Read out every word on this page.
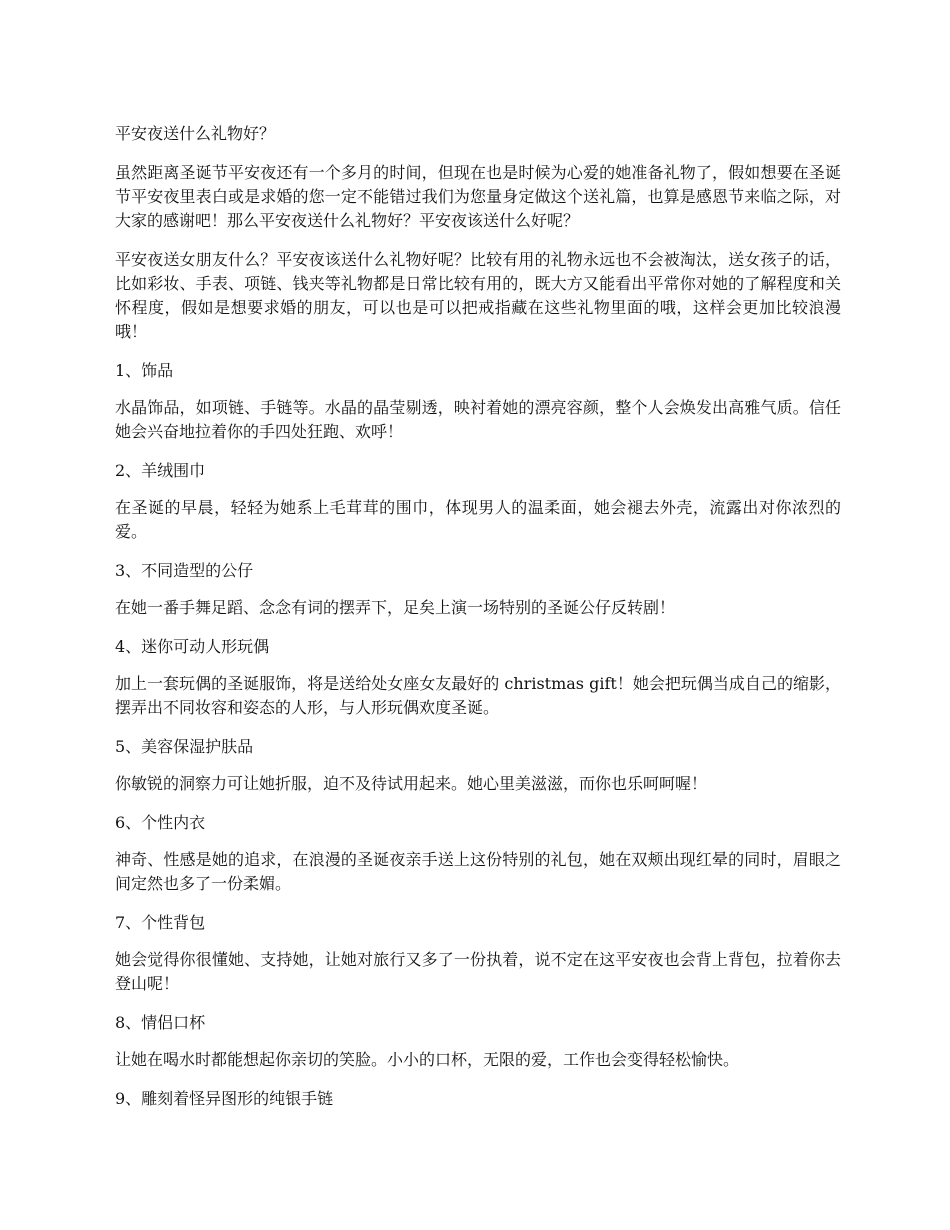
平安夜送什么礼物好？

虽然距离圣诞节平安夜还有一个多月的时间，但现在也是时候为心爱的她准备礼物了，假如想要在圣诞节平安夜里表白或是求婚的您一定不能错过我们为您量身定做这个送礼篇，也算是感恩节来临之际，对大家的感谢吧！那么平安夜送什么礼物好？平安夜该送什么好呢？

平安夜送女朋友什么？平安夜该送什么礼物好呢？比较有用的礼物永远也不会被淘汰，送女孩子的话，比如彩妆、手表、项链、钱夹等礼物都是日常比较有用的，既大方又能看出平常你对她的了解程度和关怀程度，假如是想要求婚的朋友，可以也是可以把戒指藏在这些礼物里面的哦，这样会更加比较浪漫哦！

1、饰品

水晶饰品，如项链、手链等。水晶的晶莹剔透，映衬着她的漂亮容颜，整个人会焕发出高雅气质。信任她会兴奋地拉着你的手四处狂跑、欢呼！

2、羊绒围巾

在圣诞的早晨，轻轻为她系上毛茸茸的围巾，体现男人的温柔面，她会褪去外壳，流露出对你浓烈的爱。

3、不同造型的公仔

在她一番手舞足蹈、念念有词的摆弄下，足矣上演一场特别的圣诞公仔反转剧！

4、迷你可动人形玩偶

加上一套玩偶的圣诞服饰，将是送给处女座女友最好的 christmas gift！她会把玩偶当成自己的缩影，摆弄出不同妆容和姿态的人形，与人形玩偶欢度圣诞。

5、美容保湿护肤品

你敏锐的洞察力可让她折服，迫不及待试用起来。她心里美滋滋，而你也乐呵呵喔！

6、个性内衣

神奇、性感是她的追求，在浪漫的圣诞夜亲手送上这份特别的礼包，她在双颊出现红晕的同时，眉眼之间定然也多了一份柔媚。

7、个性背包

她会觉得你很懂她、支持她，让她对旅行又多了一份执着，说不定在这平安夜也会背上背包，拉着你去登山呢！

8、情侣口杯

让她在喝水时都能想起你亲切的笑脸。小小的口杯，无限的爱，工作也会变得轻松愉快。

9、雕刻着怪异图形的纯银手链
